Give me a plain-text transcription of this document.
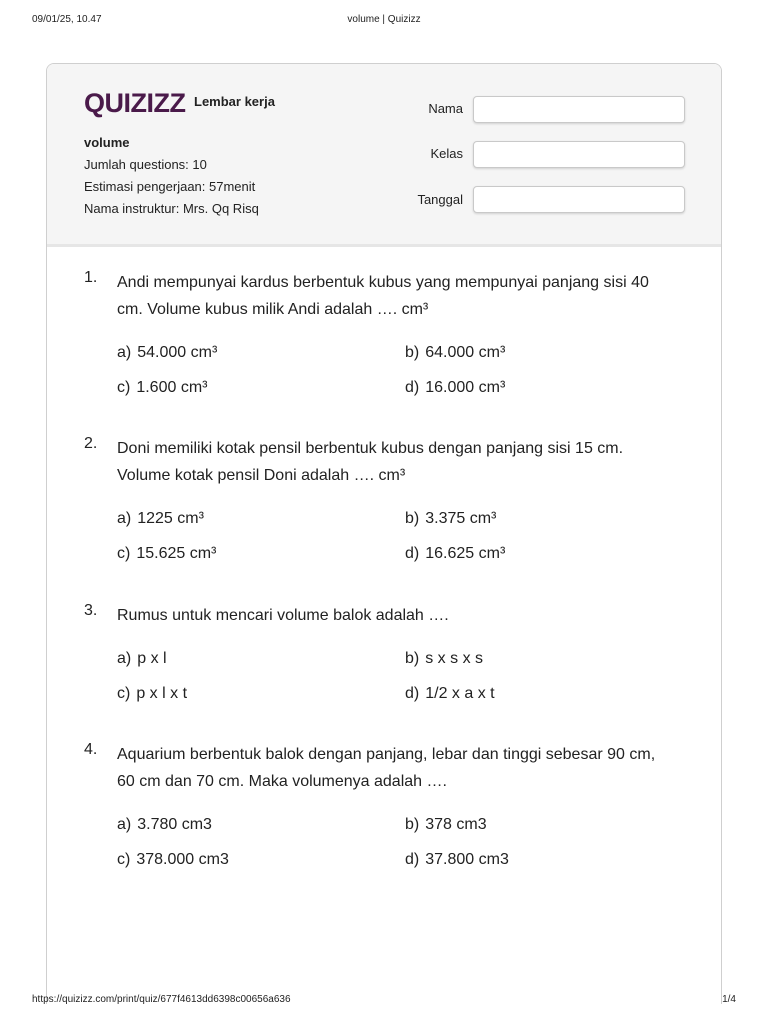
09/01/25, 10.47	volume | Quizizz
QUIZIZZ Lembar kerja
volume
Jumlah questions: 10
Estimasi pengerjaan: 57menit
Nama instruktur: Mrs. Qq Risq
Nama
Kelas
Tanggal
1. Andi mempunyai kardus berbentuk kubus yang mempunyai panjang sisi 40 cm. Volume kubus milik Andi adalah …. cm³
a) 54.000 cm³	b) 64.000 cm³
c) 1.600 cm³	d) 16.000 cm³
2. Doni memiliki kotak pensil berbentuk kubus dengan panjang sisi 15 cm. Volume kotak pensil Doni adalah …. cm³
a) 1225 cm³	b) 3.375 cm³
c) 15.625 cm³	d) 16.625 cm³
3. Rumus untuk mencari volume balok adalah ….
a) p x l	b) s x s x s
c) p x l x t	d) 1/2 x a x t
4. Aquarium berbentuk balok dengan panjang, lebar dan tinggi sebesar 90 cm, 60 cm dan 70 cm. Maka volumenya adalah ….
a) 3.780 cm3	b) 378 cm3
c) 378.000 cm3	d) 37.800 cm3
https://quizizz.com/print/quiz/677f4613dd6398c00656a636	1/4
